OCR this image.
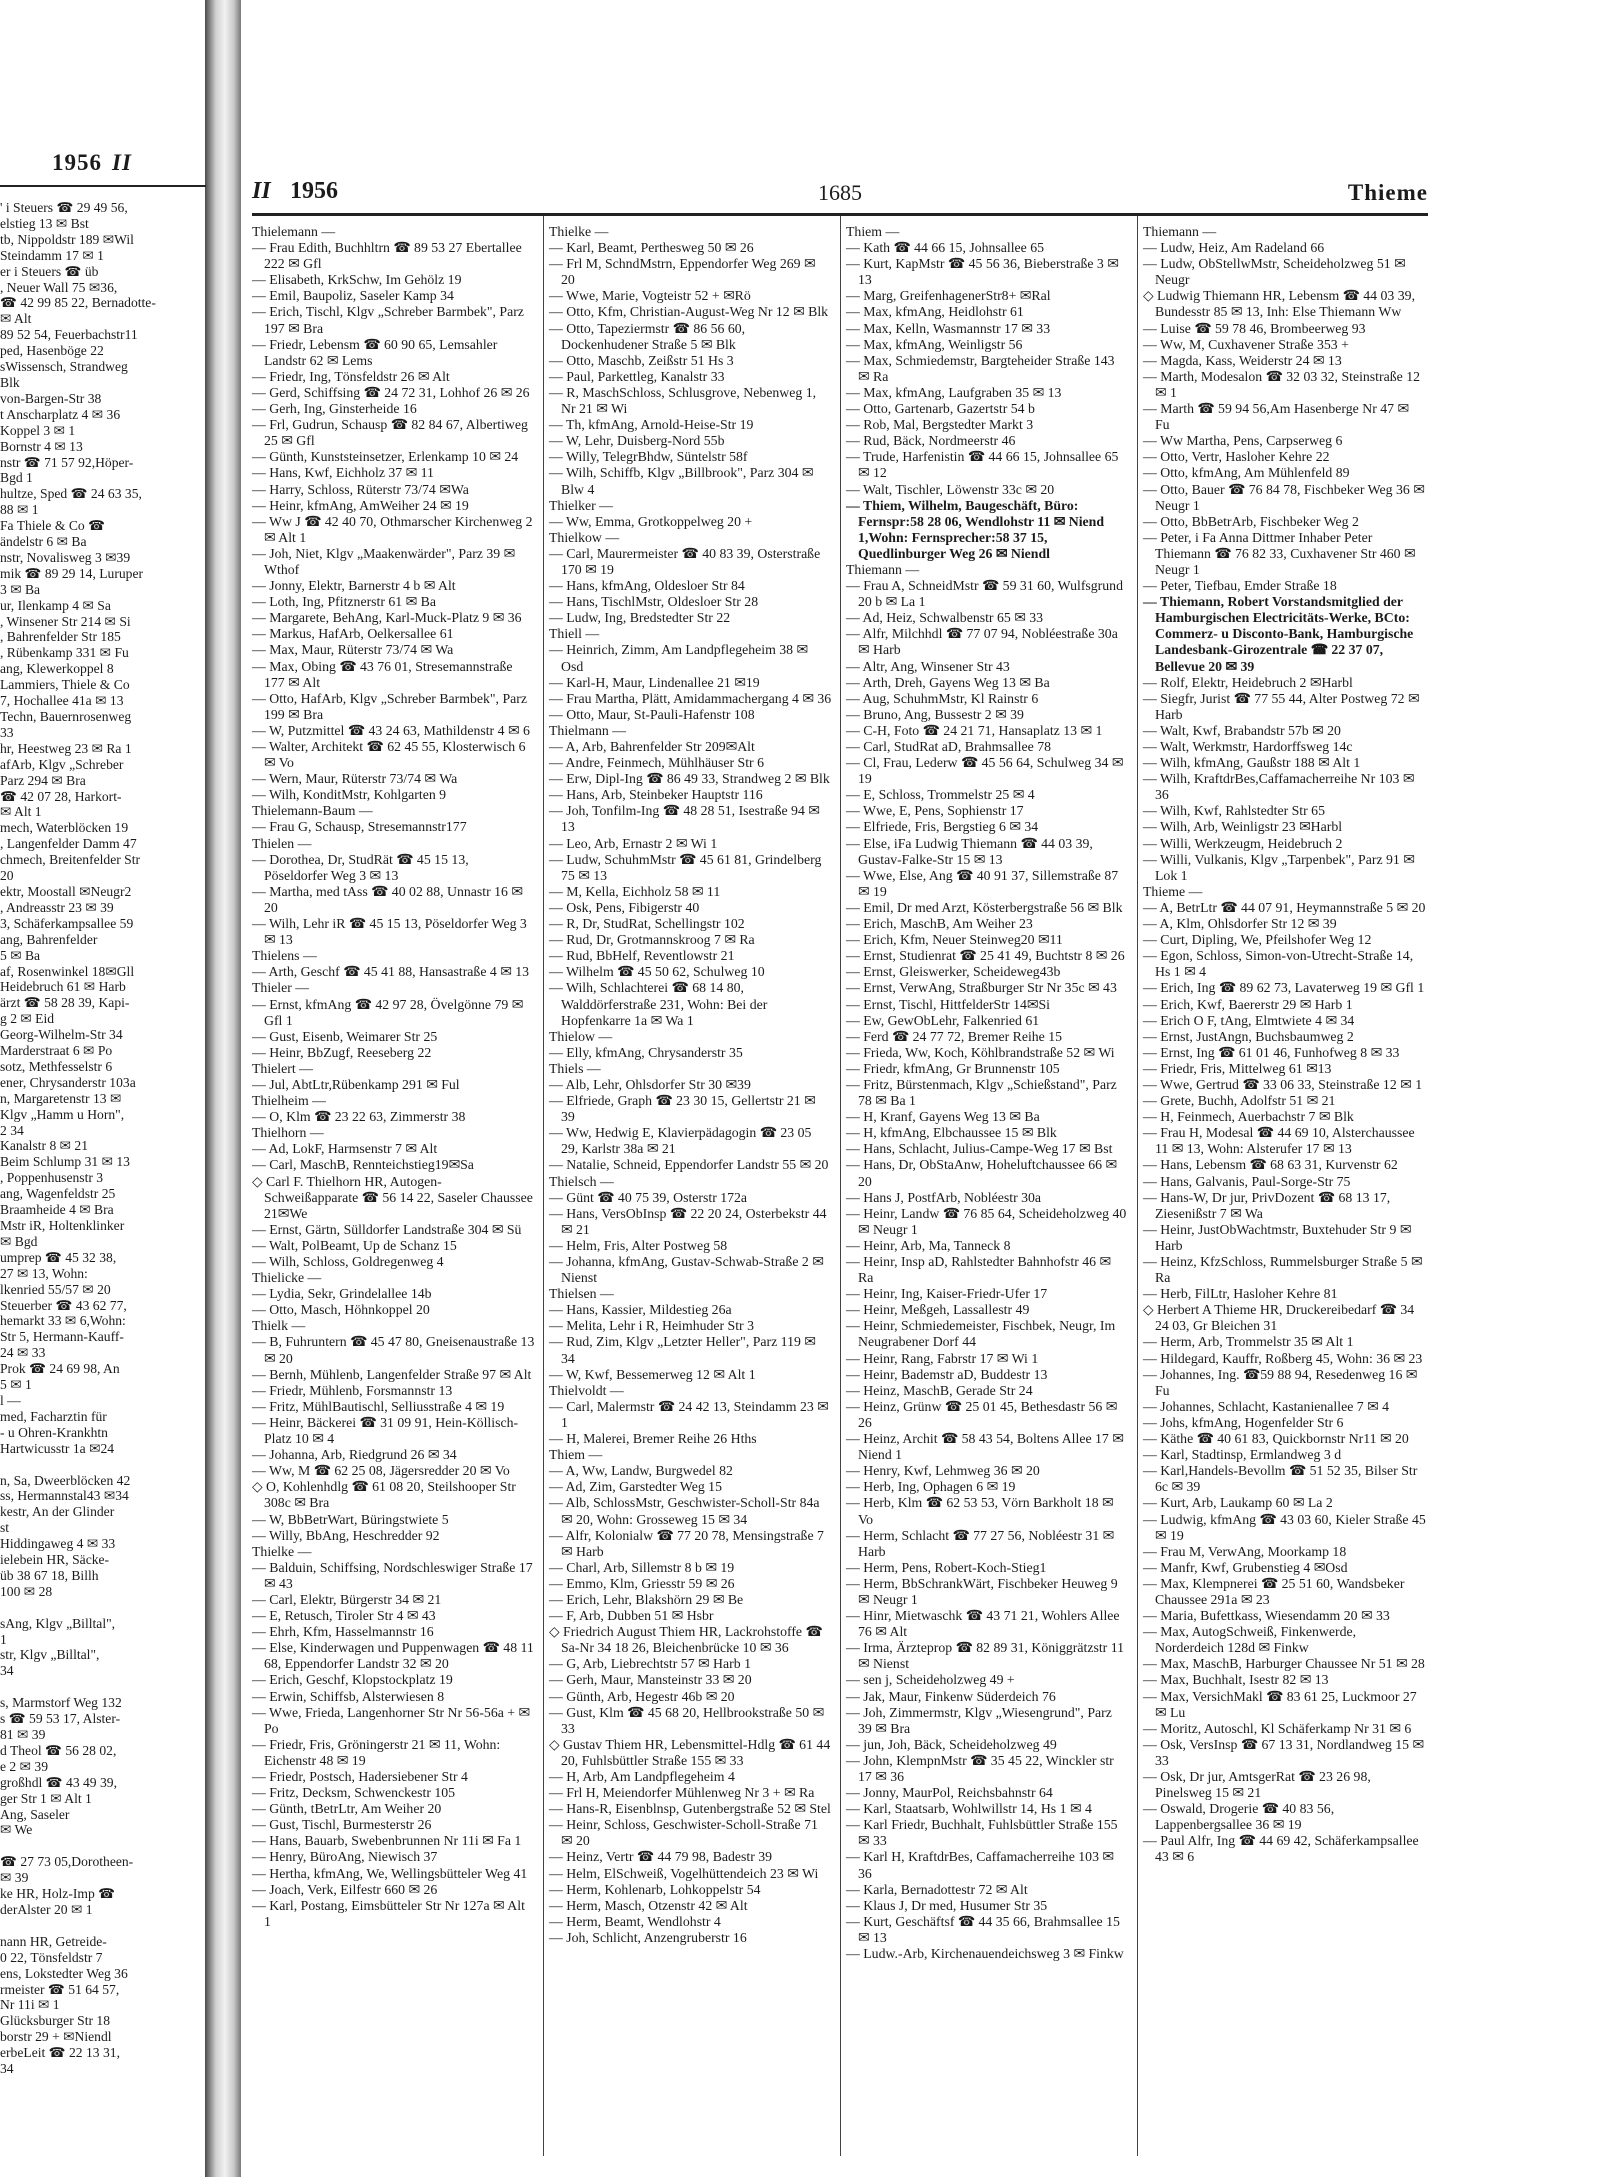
1956 II
' i Steuers ☎ 29 49 56,
elstieg 13 ✉ Bst
tb, Nippoldstr 189 ✉Wil
Steindamm 17 ✉ 1
er i Steuers ☎ üb
, Neuer Wall 75 ✉36,
☎ 42 99 85 22, Bernadotte-
✉ Alt
89 52 54, Feuerbachstr11
ped, Hasenböge 22
sWissensch, Strandweg
Blk
von-Bargen-Str 38
t Anscharplatz 4 ✉ 36
Koppel 3 ✉ 1
Bornstr 4 ✉ 13
nstr ☎ 71 57 92,Höper-
Bgd 1
hultze, Sped ☎ 24 63 35,
88 ✉ 1
Fa Thiele & Co ☎
ändelstr 6 ✉ Ba
nstr, Novalisweg 3 ✉39
mik ☎ 89 29 14, Luruper
3 ✉ Ba
ur, Ilenkamp 4 ✉ Sa
, Winsener Str 214 ✉ Si
, Bahrenfelder Str 185
, Rübenkamp 331 ✉ Fu
ang, Klewerkoppel 8
Lammiers, Thiele & Co
7, Hochallee 41a ✉ 13
Techn, Bauernrosenweg
33
hr, Heestweg 23 ✉ Ra 1
afArb, Klgv „Schreber
Parz 294 ✉ Bra
☎ 42 07 28, Harkort-
✉ Alt 1
mech, Waterblöcken 19
, Langenfelder Damm 47
chmech, Breitenfelder Str
20
ektr, Moostall ✉Neugr2
, Andreasstr 23 ✉ 39
3, Schäferkampsallee 59
ang, Bahrenfelder
5 ✉ Ba
af, Rosenwinkel 18✉Gll
Heidebruch 61 ✉ Harb
ärzt ☎ 58 28 39, Kapi-
g 2 ✉ Eid
Georg-Wilhelm-Str 34
Marderstraat 6 ✉ Po
sotz, Methfesselstr 6
ener, Chrysanderstr 103a
n, Margaretenstr 13 ✉
Klgv „Hamm u Horn",
2 34
Kanalstr 8 ✉ 21
Beim Schlump 31 ✉ 13
, Poppenhusenstr 3
ang, Wagenfeldstr 25
Braamheide 4 ✉ Bra
Mstr iR, Holtenklinker
✉ Bgd
umprep ☎ 45 32 38,
27 ✉ 13, Wohn:
lkenried 55/57 ✉ 20
Steuerber ☎ 43 62 77,
hemarkt 33 ✉ 6,Wohn:
Str 5, Hermann-Kauff-
24 ✉ 33
Prok ☎ 24 69 98, An
5 ✉ 1
l —
med, Facharztin für
- u Ohren-Krankhtn
Hartwicusstr 1a ✉24

n, Sa, Dweerblöcken 42
ss, Hermannstal43 ✉34
kestr, An der Glinder
st
Hiddingaweg 4 ✉ 33
ielebein HR, Säcke-
üb 38 67 18, Billh
100 ✉ 28

sAng, Klgv „Billtal",
1
str, Klgv „Billtal",
34

s, Marmstorf Weg 132
s ☎ 59 53 17, Alster-
81 ✉ 39
d Theol ☎ 56 28 02,
e 2 ✉ 39
großhdl ☎ 43 49 39,
ger Str 1 ✉ Alt 1
Ang, Saseler
✉ We

☎ 27 73 05,Dorotheen-
✉ 39
ke HR, Holz-Imp ☎
derAlster 20 ✉ 1

nann HR, Getreide-
0 22, Tönsfeldstr 7
ens, Lokstedter Weg 36
rmeister ☎ 51 64 57,
Nr 11i ✉ 1
Glücksburger Str 18
borstr 29 + ✉Niendl
erbeLeit ☎ 22 13 31,
34
II 1956	1685	Thieme

Thielemann —

— Frau Edith, Buchhltrn ☎ 89 53 27 Ebertallee 222 ✉ Gfl

— Elisabeth, KrkSchw, Im Gehölz 19

— Emil, Baupoliz, Saseler Kamp 34

— Erich, Tischl, Klgv „Schreber Barmbek", Parz 197 ✉ Bra

— Friedr, Lebensm ☎ 60 90 65, Lemsahler Landstr 62 ✉ Lems

— Friedr, Ing, Tönsfeldstr 26 ✉ Alt

— Gerd, Schiffsing ☎ 24 72 31, Lohhof 26 ✉ 26

— Gerh, Ing, Ginsterheide 16

— Frl, Gudrun, Schausp ☎ 82 84 67, Albertiweg 25 ✉ Gfl

— Günth, Kunststeinsetzer, Erlenkamp 10 ✉ 24

— Hans, Kwf, Eichholz 37 ✉ 11

— Harry, Schloss, Rüterstr 73/74 ✉Wa

— Heinr, kfmAng, AmWeiher 24 ✉ 19

— Ww J ☎ 42 40 70, Othmarscher Kirchenweg 2 ✉ Alt 1

— Joh, Niet, Klgv „Maakenwärder", Parz 39 ✉ Wthof

— Jonny, Elektr, Barnerstr 4 b ✉ Alt

— Loth, Ing, Pfitznerstr 61 ✉ Ba

— Margarete, BehAng, Karl-Muck-Platz 9 ✉ 36

— Markus, HafArb, Oelkersallee 61

— Max, Maur, Rüterstr 73/74 ✉ Wa

— Max, Obing ☎ 43 76 01, Stresemannstraße 177 ✉ Alt

— Otto, HafArb, Klgv „Schreber Barmbek", Parz 199 ✉ Bra

— W, Putzmittel ☎ 43 24 63, Mathildenstr 4 ✉ 6

— Walter, Architekt ☎ 62 45 55, Klosterwisch 6 ✉ Vo

— Wern, Maur, Rüterstr 73/74 ✉ Wa

— Wilh, KonditMstr, Kohlgarten 9

Thielemann-Baum —

— Frau G, Schausp, Stresemannstr177

Thielen —

— Dorothea, Dr, StudRät ☎ 45 15 13, Pöseldorfer Weg 3 ✉ 13

— Martha, med tAss ☎ 40 02 88, Unnastr 16 ✉ 20

— Wilh, Lehr iR ☎ 45 15 13, Pöseldorfer Weg 3 ✉ 13

Thielens —

— Arth, Geschf ☎ 45 41 88, Hansastraße 4 ✉ 13

Thieler —

— Ernst, kfmAng ☎ 42 97 28, Övelgönne 79 ✉ Gfl 1

— Gust, Eisenb, Weimarer Str 25

— Heinr, BbZugf, Reeseberg 22

Thielert —

— Jul, AbtLtr,Rübenkamp 291 ✉ Ful

Thielheim —

— O, Klm ☎ 23 22 63, Zimmerstr 38

Thielhorn —

— Ad, LokF, Harmsenstr 7 ✉ Alt

— Carl, MaschB, Rennteichstieg19✉Sa

◇ Carl F. Thielhorn HR, Autogen-Schweißapparate ☎ 56 14 22, Saseler Chaussee 21✉We

— Ernst, Gärtn, Sülldorfer Landstraße 304 ✉ Sü

— Walt, PolBeamt, Up de Schanz 15

— Wilh, Schloss, Goldregenweg 4

Thielicke —

— Lydia, Sekr, Grindelallee 14b

— Otto, Masch, Höhnkoppel 20

Thielk —

— B, Fuhruntern ☎ 45 47 80, Gneisenaustraße 13 ✉ 20

— Bernh, Mühlenb, Langenfelder Straße 97 ✉ Alt

— Friedr, Mühlenb, Forsmannstr 13

— Fritz, MühlBautischl, Selliusstraße 4 ✉ 19

— Heinr, Bäckerei ☎ 31 09 91, Hein-Köllisch-Platz 10 ✉ 4

— Johanna, Arb, Riedgrund 26 ✉ 34

— Ww, M ☎ 62 25 08, Jägersredder 20 ✉ Vo

◇ O, Kohlenhdlg ☎ 61 08 20, Steilshooper Str 308c ✉ Bra

— W, BbBetrWart, Büringstwiete 5

— Willy, BbAng, Heschredder 92

Thielke —

— Balduin, Schiffsing, Nordschleswiger Straße 17 ✉ 43

— Carl, Elektr, Bürgerstr 34 ✉ 21

— E, Retusch, Tiroler Str 4 ✉ 43

— Ehrh, Kfm, Hasselmannstr 16

— Else, Kinderwagen und Puppenwagen ☎ 48 11 68, Eppendorfer Landstr 32 ✉ 20

— Erich, Geschf, Klopstockplatz 19

— Erwin, Schiffsb, Alsterwiesen 8

— Wwe, Frieda, Langenhorner Str Nr 56-56a + ✉ Po

— Friedr, Fris, Gröningerstr 21 ✉ 11, Wohn: Eichenstr 48 ✉ 19

— Friedr, Postsch, Hadersiebener Str 4

— Fritz, Decksm, Schwenckestr 105

— Günth, tBetrLtr, Am Weiher 20

— Gust, Tischl, Burmesterstr 26

— Hans, Bauarb, Swebenbrunnen Nr 11i ✉ Fa 1

— Henry, BüroAng, Niewisch 37

— Hertha, kfmAng, We, Wellingsbütteler Weg 41

— Joach, Verk, Eilfestr 660 ✉ 26

— Karl, Postang, Eimsbütteler Str Nr 127a ✉ Alt 1

Thielke —

— Karl, Beamt, Perthesweg 50 ✉ 26

— Frl M, SchndMstrn, Eppendorfer Weg 269 ✉ 20

— Wwe, Marie, Vogteistr 52 + ✉Rö

— Otto, Kfm, Christian-August-Weg Nr 12 ✉ Blk

— Otto, Tapeziermstr ☎ 86 56 60, Dockenhudener Straße 5 ✉ Blk

— Otto, Maschb, Zeißstr 51 Hs 3

— Paul, Parkettleg, Kanalstr 33

— R, MaschSchloss, Schlusgrove, Nebenweg 1, Nr 21 ✉ Wi

— Th, kfmAng, Arnold-Heise-Str 19

— W, Lehr, Duisberg-Nord 55b

— Willy, TelegrBhdw, Süntelstr 58f

— Wilh, Schiffb, Klgv „Billbrook", Parz 304 ✉ Blw 4

Thielker —

— Ww, Emma, Grotkoppelweg 20 +

Thielkow —

— Carl, Maurermeister ☎ 40 83 39, Osterstraße 170 ✉ 19

— Hans, kfmAng, Oldesloer Str 84

— Hans, TischlMstr, Oldesloer Str 28

— Ludw, Ing, Bredstedter Str 22

Thiell —

— Heinrich, Zimm, Am Landpflegeheim 38 ✉ Osd

— Karl-H, Maur, Lindenallee 21 ✉19

— Frau Martha, Plätt, Amidammachergang 4 ✉ 36

— Otto, Maur, St-Pauli-Hafenstr 108

Thielmann —

— A, Arb, Bahrenfelder Str 209✉Alt

— Andre, Feinmech, Mühlhäuser Str 6

— Erw, Dipl-Ing ☎ 86 49 33, Strandweg 2 ✉ Blk

— Hans, Arb, Steinbeker Hauptstr 116

— Joh, Tonfilm-Ing ☎ 48 28 51, Isestraße 94 ✉ 13

— Leo, Arb, Ernastr 2 ✉ Wi 1

— Ludw, SchuhmMstr ☎ 45 61 81, Grindelberg 75 ✉ 13

— M, Kella, Eichholz 58 ✉ 11

— Osk, Pens, Fibigerstr 40

— R, Dr, StudRat, Schellingstr 102

— Rud, Dr, Grotmannskroog 7 ✉ Ra

— Rud, BbHelf, Reventlowstr 21

— Wilhelm ☎ 45 50 62, Schulweg 10

— Wilh, Schlachterei ☎ 68 14 80, Walddörferstraße 231, Wohn: Bei der Hopfenkarre 1a ✉ Wa 1

Thielow —

— Elly, kfmAng, Chrysanderstr 35

Thiels —

— Alb, Lehr, Ohlsdorfer Str 30 ✉39

— Elfriede, Graph ☎ 23 30 15, Gellertstr 21 ✉ 39

— Ww, Hedwig E, Klavierpädagogin ☎ 23 05 29, Karlstr 38a ✉ 21

— Natalie, Schneid, Eppendorfer Landstr 55 ✉ 20

Thielsch —

— Günt ☎ 40 75 39, Osterstr 172a

— Hans, VersObInsp ☎ 22 20 24, Osterbekstr 44 ✉ 21

— Helm, Fris, Alter Postweg 58

— Johanna, kfmAng, Gustav-Schwab-Straße 2 ✉ Nienst

Thielsen —

— Hans, Kassier, Mildestieg 26a

— Melita, Lehr i R, Heimhuder Str 3

— Rud, Zim, Klgv „Letzter Heller", Parz 119 ✉ 34

— W, Kwf, Bessemerweg 12 ✉ Alt 1

Thielvoldt —

— Carl, Malermstr ☎ 24 42 13, Steindamm 23 ✉ 1

— H, Malerei, Bremer Reihe 26 Hths

Thiem —

— A, Ww, Landw, Burgwedel 82

— Ad, Zim, Garstedter Weg 15

— Alb, SchlossMstr, Geschwister-Scholl-Str 84a ✉ 20, Wohn: Grosseweg 15 ✉ 34

— Alfr, Kolonialw ☎ 77 20 78, Mensingstraße 7 ✉ Harb

— Charl, Arb, Sillemstr 8 b ✉ 19

— Emmo, Klm, Griesstr 59 ✉ 26

— Erich, Lehr, Blakshörn 29 ✉ Be

— F, Arb, Dubben 51 ✉ Hsbr

◇ Friedrich August Thiem HR, Lackrohstoffe ☎ Sa-Nr 34 18 26, Bleichenbrücke 10 ✉ 36

— G, Arb, Liebrechtstr 57 ✉ Harb 1

— Gerh, Maur, Mansteinstr 33 ✉ 20

— Günth, Arb, Hegestr 46b ✉ 20

— Gust, Klm ☎ 45 68 20, Hellbrookstraße 50 ✉ 33

◇ Gustav Thiem HR, Lebensmittel-Hdlg ☎ 61 44 20, Fuhlsbüttler Straße 155 ✉ 33

— H, Arb, Am Landpflegeheim 4

— Frl H, Meiendorfer Mühlenweg Nr 3 + ✉ Ra

— Hans-R, Eisenblnsp, Gutenbergstraße 52 ✉ Stel

— Heinr, Schloss, Geschwister-Scholl-Straße 71 ✉ 20

— Heinz, Vertr ☎ 44 79 98, Badestr 39

— Helm, ElSchweiß, Vogelhüttendeich 23 ✉ Wi

— Herm, Kohlenarb, Lohkoppelstr 54

— Herm, Masch, Otzenstr 42 ✉ Alt

— Herm, Beamt, Wendlohstr 4

— Joh, Schlicht, Anzengruberstr 16

Thiem —

— Kath ☎ 44 66 15, Johnsallee 65

— Kurt, KapMstr ☎ 45 56 36, Bieberstraße 3 ✉ 13

— Marg, GreifenhagenerStr8+ ✉Ral

— Max, kfmAng, Heidlohstr 61

— Max, Kelln, Wasmannstr 17 ✉ 33

— Max, kfmAng, Weinligstr 56

— Max, Schmiedemstr, Bargteheider Straße 143 ✉ Ra

— Max, kfmAng, Laufgraben 35 ✉ 13

— Otto, Gartenarb, Gazertstr 54 b

— Rob, Mal, Bergstedter Markt 3

— Rud, Bäck, Nordmeerstr 46

— Trude, Harfenistin ☎ 44 66 15, Johnsallee 65 ✉ 12

— Walt, Tischler, Löwenstr 33c ✉ 20

— Thiem, Wilhelm, Baugeschäft, Büro: Fernspr:58 28 06, Wendlohstr 11 ✉ Niend 1,Wohn: Fernsprecher:58 37 15, Quedlinburger Weg 26 ✉ Niendl

Thiemann —

— Frau A, SchneidMstr ☎ 59 31 60, Wulfsgrund 20 b ✉ La 1

— Ad, Heiz, Schwalbenstr 65 ✉ 33

— Alfr, Milchhdl ☎ 77 07 94, Nobléestraße 30a ✉ Harb

— Altr, Ang, Winsener Str 43

— Arth, Dreh, Gayens Weg 13 ✉ Ba

— Aug, SchuhmMstr, Kl Rainstr 6

— Bruno, Ang, Bussestr 2 ✉ 39

— C-H, Foto ☎ 24 21 71, Hansaplatz 13 ✉ 1

— Carl, StudRat aD, Brahmsallee 78

— Cl, Frau, Lederw ☎ 45 56 64, Schulweg 34 ✉ 19

— E, Schloss, Trommelstr 25 ✉ 4

— Wwe, E, Pens, Sophienstr 17

— Elfriede, Fris, Bergstieg 6 ✉ 34

— Else, iFa Ludwig Thiemann ☎ 44 03 39, Gustav-Falke-Str 15 ✉ 13

— Wwe, Else, Ang ☎ 40 91 37, Sillemstraße 87 ✉ 19

— Emil, Dr med Arzt, Kösterbergstraße 56 ✉ Blk

— Erich, MaschB, Am Weiher 23

— Erich, Kfm, Neuer Steinweg20 ✉11

— Ernst, Studienrat ☎ 25 41 49, Buchtstr 8 ✉ 26

— Ernst, Gleiswerker, Scheideweg43b

— Ernst, VerwAng, Straßburger Str Nr 35c ✉ 43

— Ernst, Tischl, HittfelderStr 14✉Si

— Ew, GewObLehr, Falkenried 61

— Ferd ☎ 24 77 72, Bremer Reihe 15

— Frieda, Ww, Koch, Köhlbrandstraße 52 ✉ Wi

— Friedr, kfmAng, Gr Brunnenstr 105

— Fritz, Bürstenmach, Klgv „Schießstand", Parz 78 ✉ Ba 1

— H, Kranf, Gayens Weg 13 ✉ Ba

— H, kfmAng, Elbchaussee 15 ✉ Blk

— Hans, Schlacht, Julius-Campe-Weg 17 ✉ Bst

— Hans, Dr, ObStaAnw, Hoheluftchaussee 66 ✉ 20

— Hans J, PostfArb, Nobléestr 30a

— Heinr, Landw ☎ 76 85 64, Scheideholzweg 40 ✉ Neugr 1

— Heinr, Arb, Ma, Tanneck 8

— Heinr, Insp aD, Rahlstedter Bahnhofstr 46 ✉ Ra

— Heinr, Ing, Kaiser-Friedr-Ufer 17

— Heinr, Meßgeh, Lassallestr 49

— Heinr, Schmiedemeister, Fischbek, Neugr, Im Neugrabener Dorf 44

— Heinr, Rang, Fabrstr 17 ✉ Wi 1

— Heinr, Bademstr aD, Buddestr 13

— Heinz, MaschB, Gerade Str 24

— Heinz, Grünw ☎ 25 01 45, Bethesdastr 56 ✉ 26

— Heinz, Archit ☎ 58 43 54, Boltens Allee 17 ✉ Niend 1

— Henry, Kwf, Lehmweg 36 ✉ 20

— Herb, Ing, Ophagen 6 ✉ 19

— Herb, Klm ☎ 62 53 53, Vörn Barkholt 18 ✉ Vo

— Herm, Schlacht ☎ 77 27 56, Nobléestr 31 ✉ Harb

— Herm, Pens, Robert-Koch-Stieg1

— Herm, BbSchrankWärt, Fischbeker Heuweg 9 ✉ Neugr 1

— Hinr, Mietwaschk ☎ 43 71 21, Wohlers Allee 76 ✉ Alt

— Irma, Ärzteprop ☎ 82 89 31, Königgrätzstr 11 ✉ Nienst

— sen j, Scheideholzweg 49 +

— Jak, Maur, Finkenw Süderdeich 76

— Joh, Zimmermstr, Klgv „Wiesengrund", Parz 39 ✉ Bra

— jun, Joh, Bäck, Scheideholzweg 49

— John, KlempnMstr ☎ 35 45 22, Winckler str 17 ✉ 36

— Jonny, MaurPol, Reichsbahnstr 64

— Karl, Staatsarb, Wohlwillstr 14, Hs 1 ✉ 4

— Karl Friedr, Buchhalt, Fuhlsbüttler Straße 155 ✉ 33

— Karl H, KraftdrBes, Caffamacherreihe 103 ✉ 36

— Karla, Bernadottestr 72 ✉ Alt

— Klaus J, Dr med, Husumer Str 35

— Kurt, Geschäftsf ☎ 44 35 66, Brahmsallee 15 ✉ 13

— Ludw.-Arb, Kirchenauendeichsweg 3 ✉ Finkw

Thiemann —

— Ludw, Heiz, Am Radeland 66

— Ludw, ObStellwMstr, Scheideholzweg 51 ✉ Neugr

◇ Ludwig Thiemann HR, Lebensm ☎ 44 03 39, Bundesstr 85 ✉ 13, Inh: Else Thiemann Ww

— Luise ☎ 59 78 46, Brombeerweg 93

— Ww, M, Cuxhavener Straße 353 +

— Magda, Kass, Weiderstr 24 ✉ 13

— Marth, Modesalon ☎ 32 03 32, Steinstraße 12 ✉ 1

— Marth ☎ 59 94 56,Am Hasenberge Nr 47 ✉ Fu

— Ww Martha, Pens, Carpserweg 6

— Otto, Vertr, Hasloher Kehre 22

— Otto, kfmAng, Am Mühlenfeld 89

— Otto, Bauer ☎ 76 84 78, Fischbeker Weg 36 ✉ Neugr 1

— Otto, BbBetrArb, Fischbeker Weg 2

— Peter, i Fa Anna Dittmer Inhaber Peter Thiemann ☎ 76 82 33, Cuxhavener Str 460 ✉ Neugr 1

— Peter, Tiefbau, Emder Straße 18

— Thiemann, Robert Vorstandsmitglied der Hamburgischen Electricitäts-Werke, BCto: Commerz- u Disconto-Bank, Hamburgische Landesbank-Girozentrale ☎ 22 37 07, Bellevue 20 ✉ 39

— Rolf, Elektr, Heidebruch 2 ✉Harbl

— Siegfr, Jurist ☎ 77 55 44, Alter Postweg 72 ✉ Harb

— Walt, Kwf, Brabandstr 57b ✉ 20

— Walt, Werkmstr, Hardorffsweg 14c

— Wilh, kfmAng, Gaußstr 188 ✉ Alt 1

— Wilh, KraftdrBes,Caffamacherreihe Nr 103 ✉ 36

— Wilh, Kwf, Rahlstedter Str 65

— Wilh, Arb, Weinligstr 23 ✉Harbl

— Willi, Werkzeugm, Heidebruch 2

— Willi, Vulkanis, Klgv „Tarpenbek", Parz 91 ✉ Lok 1

Thieme —

— A, BetrLtr ☎ 44 07 91, Heymannstraße 5 ✉ 20

— A, Klm, Ohlsdorfer Str 12 ✉ 39

— Curt, Dipling, We, Pfeilshofer Weg 12

— Egon, Schloss, Simon-von-Utrecht-Straße 14, Hs 1 ✉ 4

— Erich, Ing ☎ 89 62 73, Lavaterweg 19 ✉ Gfl 1

— Erich, Kwf, Baererstr 29 ✉ Harb 1

— Erich O F, tAng, Elmtwiete 4 ✉ 34

— Ernst, JustAngn, Buchsbaumweg 2

— Ernst, Ing ☎ 61 01 46, Funhofweg 8 ✉ 33

— Friedr, Fris, Mittelweg 61 ✉13

— Wwe, Gertrud ☎ 33 06 33, Steinstraße 12 ✉ 1

— Grete, Buchh, Adolfstr 51 ✉ 21

— H, Feinmech, Auerbachstr 7 ✉ Blk

— Frau H, Modesal ☎ 44 69 10, Alsterchaussee 11 ✉ 13, Wohn: Alsterufer 17 ✉ 13

— Hans, Lebensm ☎ 68 63 31, Kurvenstr 62

— Hans, Galvanis, Paul-Sorge-Str 75

— Hans-W, Dr jur, PrivDozent ☎ 68 13 17, Ziesenißstr 7 ✉ Wa

— Heinr, JustObWachtmstr, Buxtehuder Str 9 ✉ Harb

— Heinz, KfzSchloss, Rummelsburger Straße 5 ✉ Ra

— Herb, FilLtr, Hasloher Kehre 81

◇ Herbert A Thieme HR, Druckereibedarf ☎ 34 24 03, Gr Bleichen 31

— Herm, Arb, Trommelstr 35 ✉ Alt 1

— Hildegard, Kauffr, Roßberg 45, Wohn: 36 ✉ 23

— Johannes, Ing. ☎59 88 94, Resedenweg 16 ✉ Fu

— Johannes, Schlacht, Kastanienallee 7 ✉ 4

— Johs, kfmAng, Hogenfelder Str 6

— Käthe ☎ 40 61 83, Quickbornstr Nr11 ✉ 20

— Karl, Stadtinsp, Ermlandweg 3 d

— Karl,Handels-Bevollm ☎ 51 52 35, Bilser Str 6c ✉ 39

— Kurt, Arb, Laukamp 60 ✉ La 2

— Ludwig, kfmAng ☎ 43 03 60, Kieler Straße 45 ✉ 19

— Frau M, VerwAng, Moorkamp 18

— Manfr, Kwf, Grubenstieg 4 ✉Osd

— Max, Klempnerei ☎ 25 51 60, Wandsbeker Chaussee 291a ✉ 23

— Maria, Bufettkass, Wiesendamm 20 ✉ 33

— Max, AutogSchweiß, Finkenwerde, Norderdeich 128d ✉ Finkw

— Max, MaschB, Harburger Chaussee Nr 51 ✉ 28

— Max, Buchhalt, Isestr 82 ✉ 13

— Max, VersichMakl ☎ 83 61 25, Luckmoor 27 ✉ Lu

— Moritz, Autoschl, Kl Schäferkamp Nr 31 ✉ 6

— Osk, VersInsp ☎ 67 13 31, Nordlandweg 15 ✉ 33

— Osk, Dr jur, AmtsgerRat ☎ 23 26 98, Pinelsweg 15 ✉ 21

— Oswald, Drogerie ☎ 40 83 56, Lappenbergsallee 36 ✉ 19

— Paul Alfr, Ing ☎ 44 69 42, Schäferkampsallee 43 ✉ 6
